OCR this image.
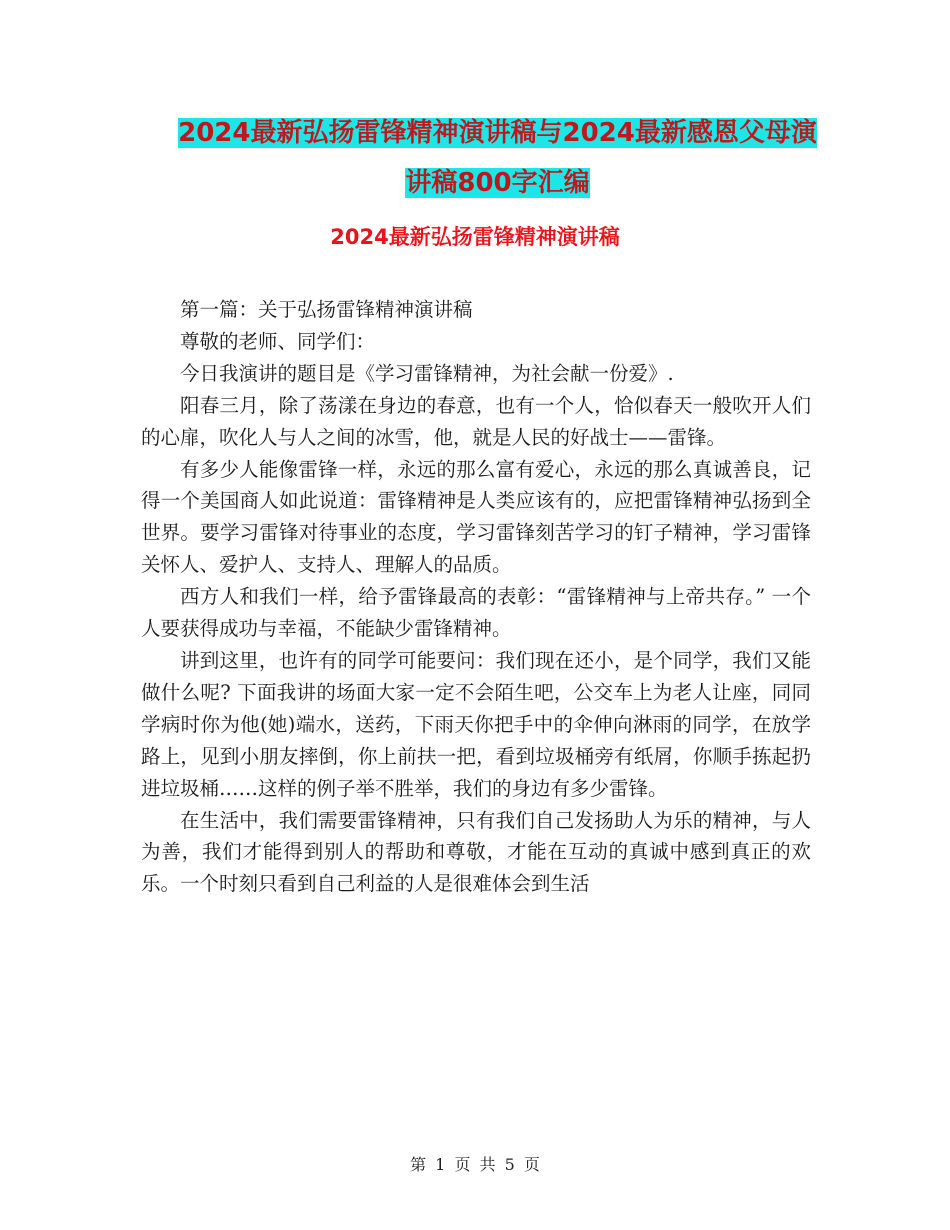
2024最新弘扬雷锋精神演讲稿与2024最新感恩父母演
讲稿800字汇编
2024最新弘扬雷锋精神演讲稿

第一篇：关于弘扬雷锋精神演讲稿

尊敬的老师、同学们：

今日我演讲的题目是《学习雷锋精神，为社会献一份爱》.

阳春三月，除了荡漾在身边的春意，也有一个人，恰似春天一般吹开人们的心扉，吹化人与人之间的冰雪，他，就是人民的好战士——雷锋。

有多少人能像雷锋一样，永远的那么富有爱心，永远的那么真诚善良，记得一个美国商人如此说道：雷锋精神是人类应该有的，应把雷锋精神弘扬到全世界。要学习雷锋对待事业的态度，学习雷锋刻苦学习的钉子精神，学习雷锋关怀人、爱护人、支持人、理解人的品质。

西方人和我们一样，给予雷锋最高的表彰：“雷锋精神与上帝共存。” 一个人要获得成功与幸福，不能缺少雷锋精神。

讲到这里，也许有的同学可能要问：我们现在还小，是个同学，我们又能做什么呢? 下面我讲的场面大家一定不会陌生吧，公交车上为老人让座，同同学病时你为他(她)端水，送药，下雨天你把手中的伞伸向淋雨的同学，在放学路上，见到小朋友摔倒，你上前扶一把，看到垃圾桶旁有纸屑，你顺手拣起扔进垃圾桶……这样的例子举不胜举，我们的身边有多少雷锋。

在生活中，我们需要雷锋精神，只有我们自己发扬助人为乐的精神，与人为善，我们才能得到别人的帮助和尊敬，才能在互动的真诚中感到真正的欢乐。一个时刻只看到自己利益的人是很难体会到生活

第 1 页 共 5 页
